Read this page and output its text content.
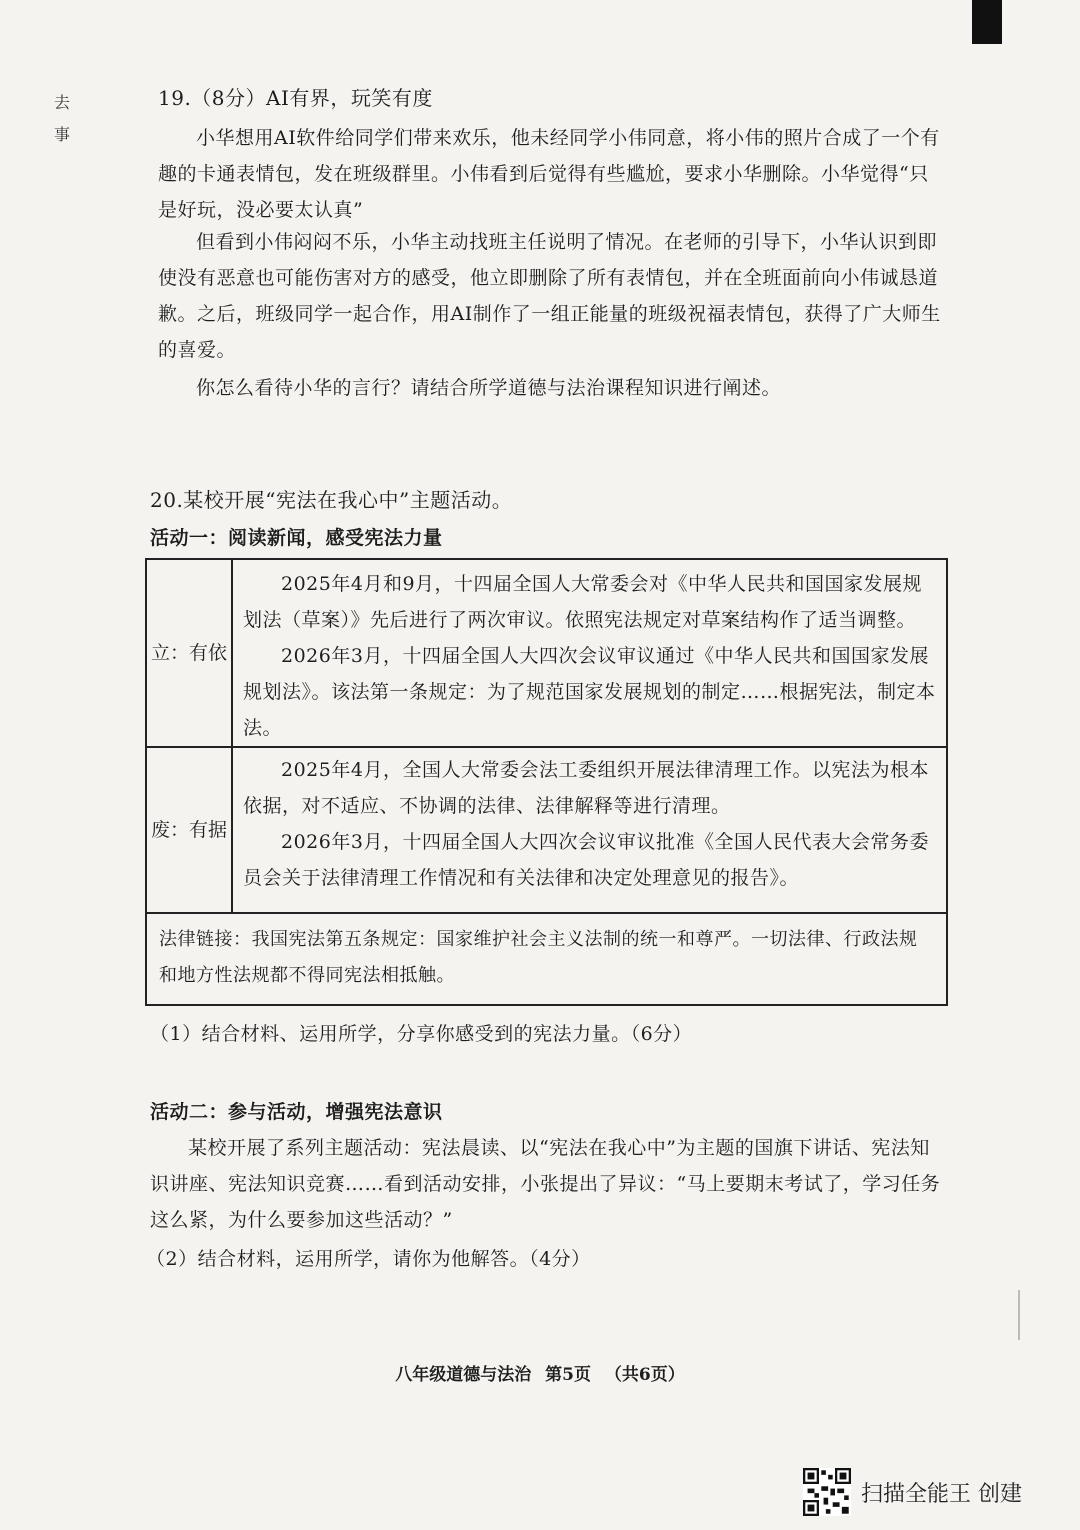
去
事

19.（8分）AI有界，玩笑有度

小华想用AI软件给同学们带来欢乐，他未经同学小伟同意，将小伟的照片合成了一个有趣的卡通表情包，发在班级群里。小伟看到后觉得有些尴尬，要求小华删除。小华觉得“只是好玩，没必要太认真”

但看到小伟闷闷不乐，小华主动找班主任说明了情况。在老师的引导下，小华认识到即使没有恶意也可能伤害对方的感受，他立即删除了所有表情包，并在全班面前向小伟诚恳道歉。之后，班级同学一起合作，用AI制作了一组正能量的班级祝福表情包，获得了广大师生的喜爱。

你怎么看待小华的言行？请结合所学道德与法治课程知识进行阐述。

20.某校开展“宪法在我心中”主题活动。

活动一：阅读新闻，感受宪法力量

立：有依

2025年4月和9月，十四届全国人大常委会对《中华人民共和国国家发展规划法（草案）》先后进行了两次审议。依照宪法规定对草案结构作了适当调整。

2026年3月，十四届全国人大四次会议审议通过《中华人民共和国国家发展规划法》。该法第一条规定：为了规范国家发展规划的制定……根据宪法，制定本法。

废：有据

2025年4月，全国人大常委会法工委组织开展法律清理工作。以宪法为根本依据，对不适应、不协调的法律、法律解释等进行清理。

2026年3月，十四届全国人大四次会议审议批准《全国人民代表大会常务委员会关于法律清理工作情况和有关法律和决定处理意见的报告》。

法律链接：我国宪法第五条规定：国家维护社会主义法制的统一和尊严。一切法律、行政法规和地方性法规都不得同宪法相抵触。

（1）结合材料、运用所学，分享你感受到的宪法力量。（6分）

活动二：参与活动，增强宪法意识

某校开展了系列主题活动：宪法晨读、以“宪法在我心中”为主题的国旗下讲话、宪法知识讲座、宪法知识竞赛……看到活动安排，小张提出了异议：“马上要期末考试了，学习任务这么紧，为什么要参加这些活动？”

（2）结合材料，运用所学，请你为他解答。（4分）

八年级道德与法治 第5页 （共6页）
扫描全能王 创建
